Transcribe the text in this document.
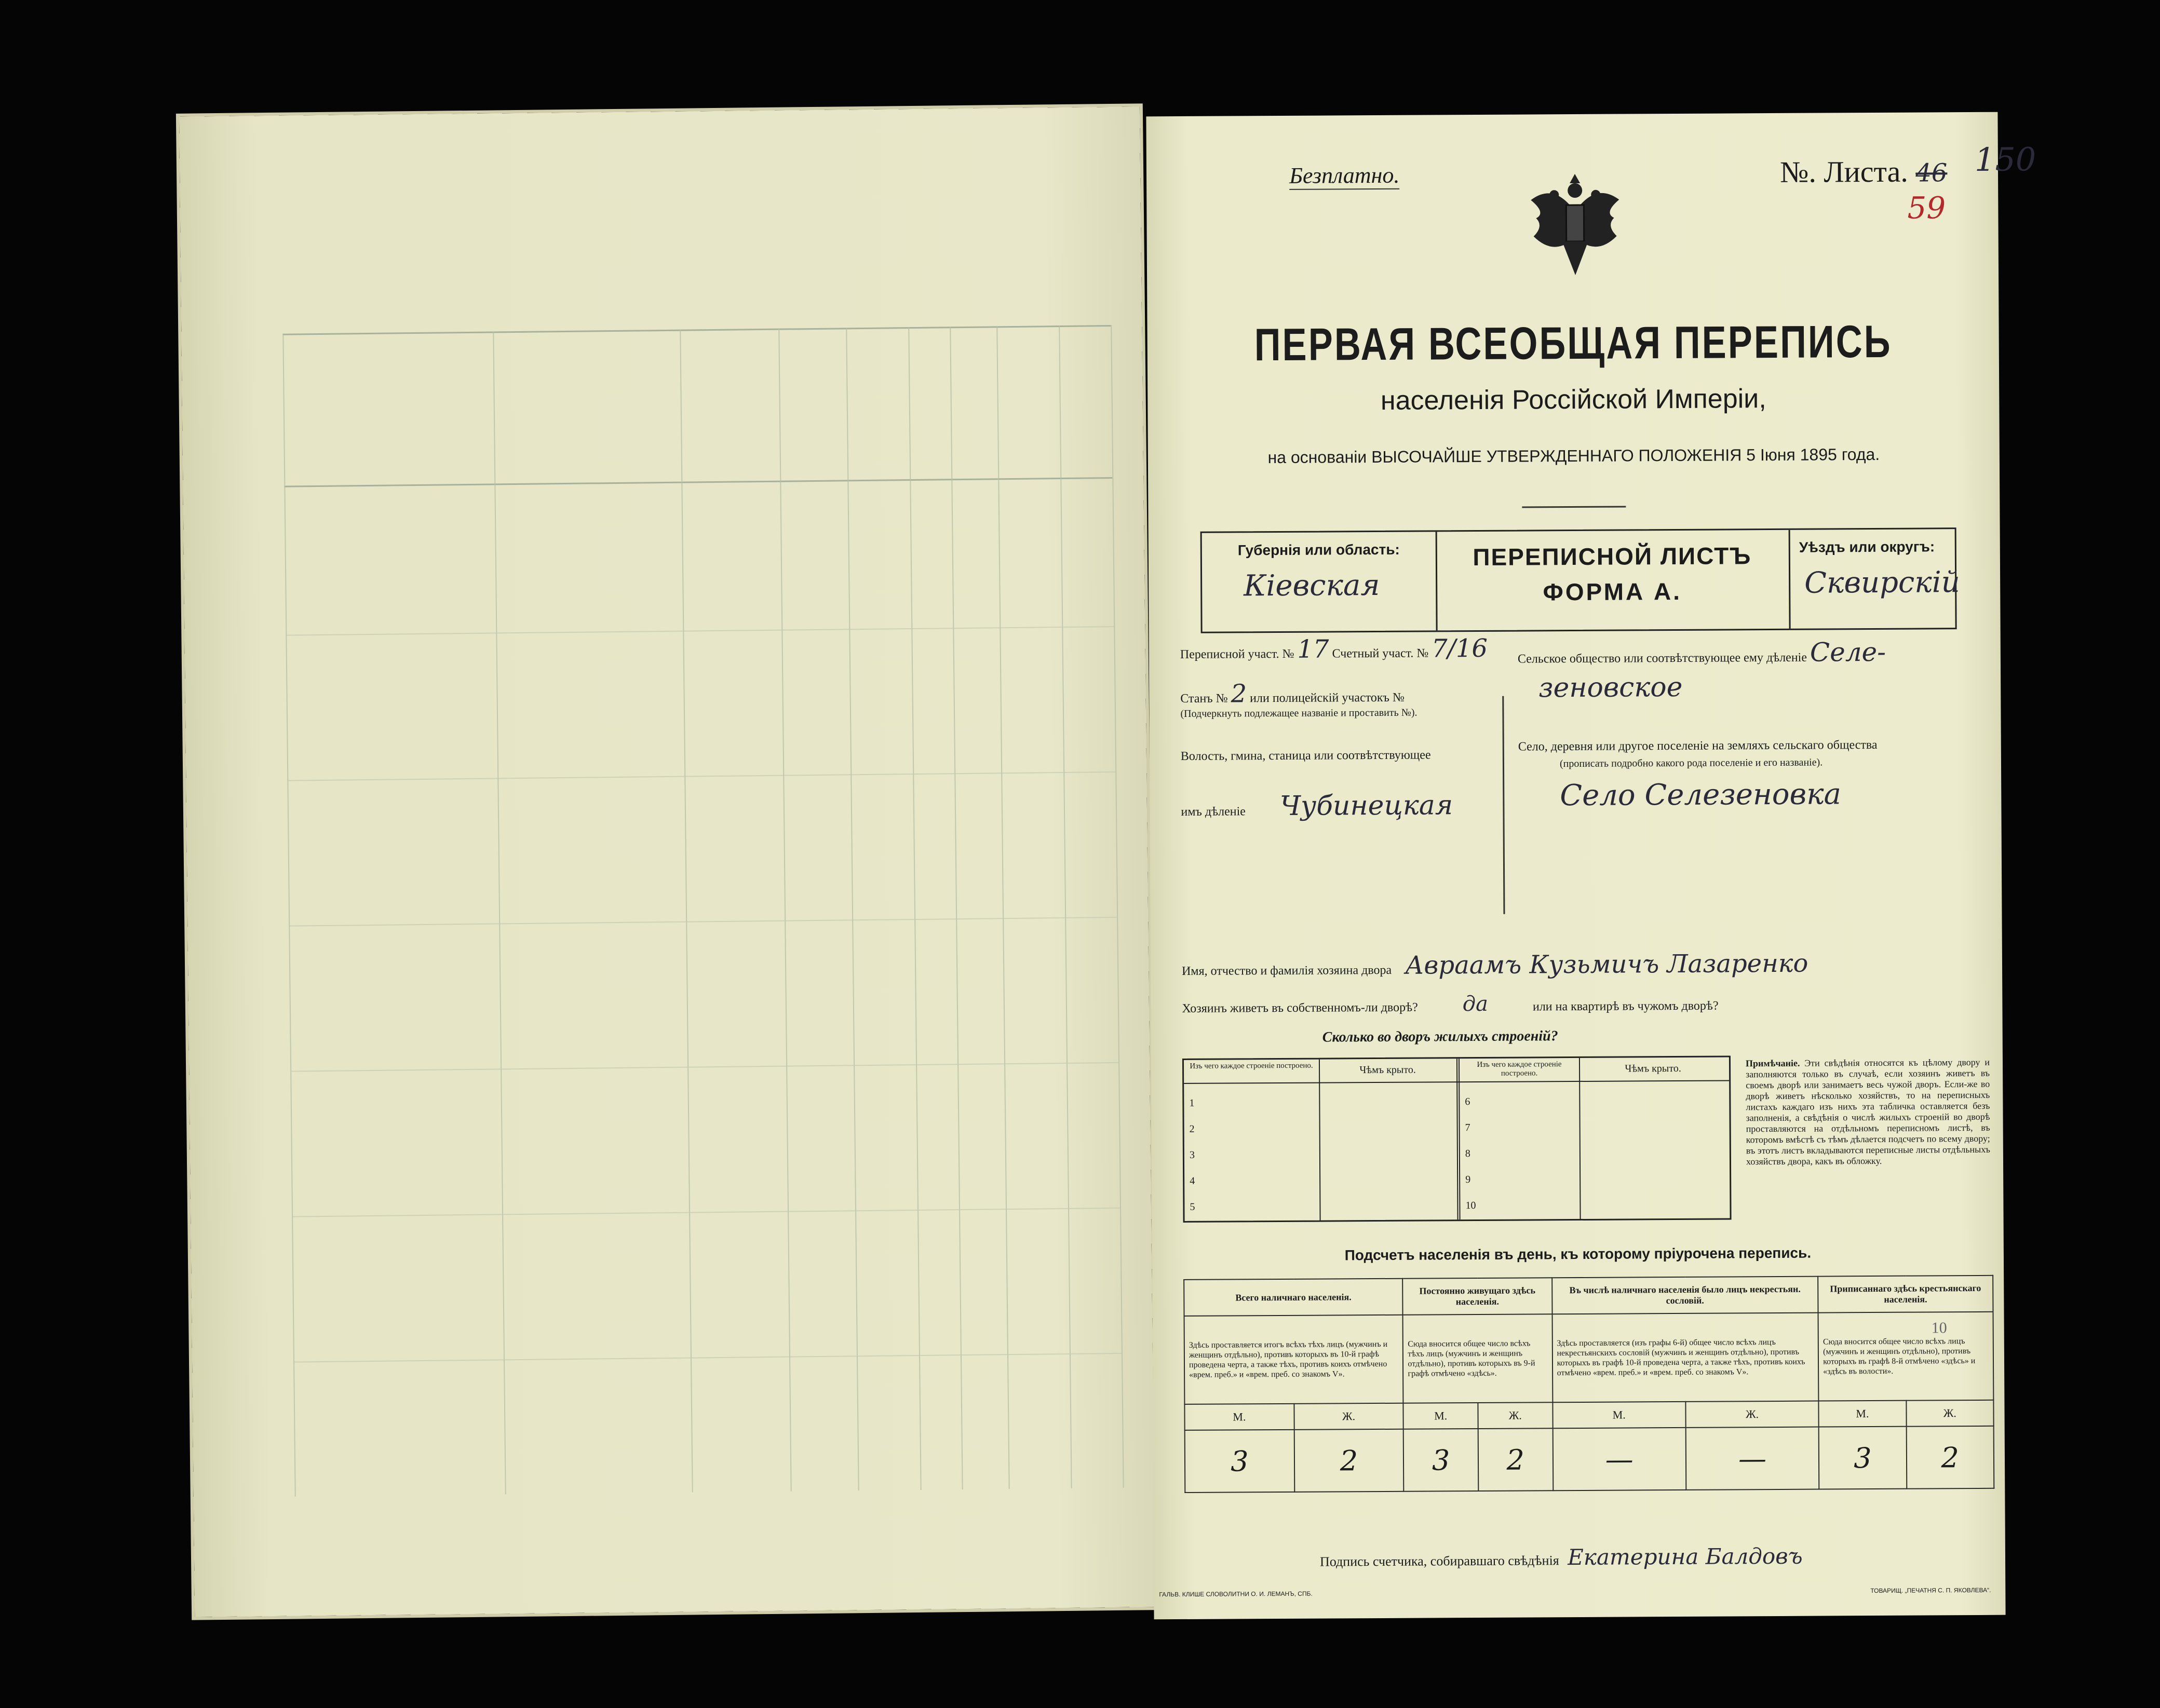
Безплатно.	№. Листа. 46 150
59
ПЕРВАЯ ВСЕОБЩАЯ ПЕРЕПИСЬ
населенія Россійской Имперіи,
на основаніи ВЫСОЧАЙШЕ УТВЕРЖДЕННАГО ПОЛОЖЕНІЯ 5 Іюня 1895 года.
Губернія или область:
Кіевская
ПЕРЕПИСНОЙ ЛИСТЪ
ФОРМА А.
Уѣздъ или округъ:
Сквирскій
Переписной участ. № 17 Счетный участ. № 7/16
Станъ № 2 или полицейскій участокъ №
(Подчеркнуть подлежащее названіе и проставить №).
Волость, гмина, станица или соотвѣтствующее
имъ дѣленіе Чубинецкая
Сельское общество или соотвѣтствующее ему дѣленіе Селе-
зеновское
Село, деревня или другое поселеніе на земляхъ сельскаго общества
(прописать подробно какого рода поселеніе и его названіе).
Село Селезеновка
Имя, отчество и фамилія хозяина двора Авраамъ Кузьмичъ Лазаренко
Хозяинъ живетъ въ собственномъ-ли дворѣ? да	или на квартирѣ въ чужомъ дворѣ?
Сколько во дворъ жилыхъ строеній?
Изъ чего каждое строеніе построено.	Чѣмъ крыто.	Изъ чего каждое строеніе построено.	Чѣмъ крыто.
1
2
3
4
5
6
7
8
9
10
Примѣчаніе. Эти свѣдѣнія относятся къ цѣлому двору и заполняются только въ случаѣ, если хозяинъ живетъ въ своемъ дворѣ или занимаетъ весь чужой дворъ. Если-же во дворѣ живетъ нѣсколько хозяйствъ, то на переписныхъ листахъ каждаго изъ нихъ эта табличка оставляется безъ заполненія, а свѣдѣнія о числѣ жилыхъ строеній во дворѣ проставляются на отдѣльномъ переписномъ листѣ, въ которомъ вмѣстѣ съ тѣмъ дѣлается подсчетъ по всему двору; въ этотъ листъ вкладываются переписные листы отдѣльныхъ хозяйствъ двора, какъ въ обложку.
Подсчетъ населенія въ день, къ которому пріурочена перепись.
Всего наличнаго населенія.		Постоянно живущаго здѣсь населенія.		Въ числѣ наличнаго населенія было лицъ некрестьян. сословій.		Приписаннаго здѣсь крестьянскаго населенія.	
Здѣсь проставляется итогъ всѣхъ тѣхъ лицъ (мужчинъ и женщинъ отдѣльно), противъ которыхъ въ 10-й графѣ проведена черта, а также тѣхъ, противъ коихъ отмѣчено «врем. преб.» и «врем. преб. со знакомъ V».		Сюда вносится общее число всѣхъ тѣхъ лицъ (мужчинъ и женщинъ отдѣльно), противъ которыхъ въ 9-й графѣ отмѣчено «здѣсь».		Здѣсь проставляется (изъ графы 6-й) общее число всѣхъ лицъ некрестьянскихъ сословій (мужчинъ и женщинъ отдѣльно), противъ которыхъ въ графѣ 10-й проведена черта, а также тѣхъ, противъ коихъ отмѣчено «врем. преб.» и «врем. преб. со знакомъ V».		Сюда вносится общее число всѣхъ лицъ (мужчинъ и женщинъ отдѣльно), противъ которыхъ въ графѣ 8-й отмѣчено «здѣсь» и «здѣсь въ волости».	
М.	Ж.	М.	Ж.	М.	Ж.	М.	Ж.
3	2	3	2	—	—	3	2
10
Подпись счетчика, собиравшаго свѣдѣнія Екатерина Балдовъ
ГАЛЬВ. КЛИШЕ СЛОВОЛИТНИ О. И. ЛЕМАНЪ, СПБ.	ТОВАРИЩ. „ПЕЧАТНЯ С. П. ЯКОВЛЕВА“.
